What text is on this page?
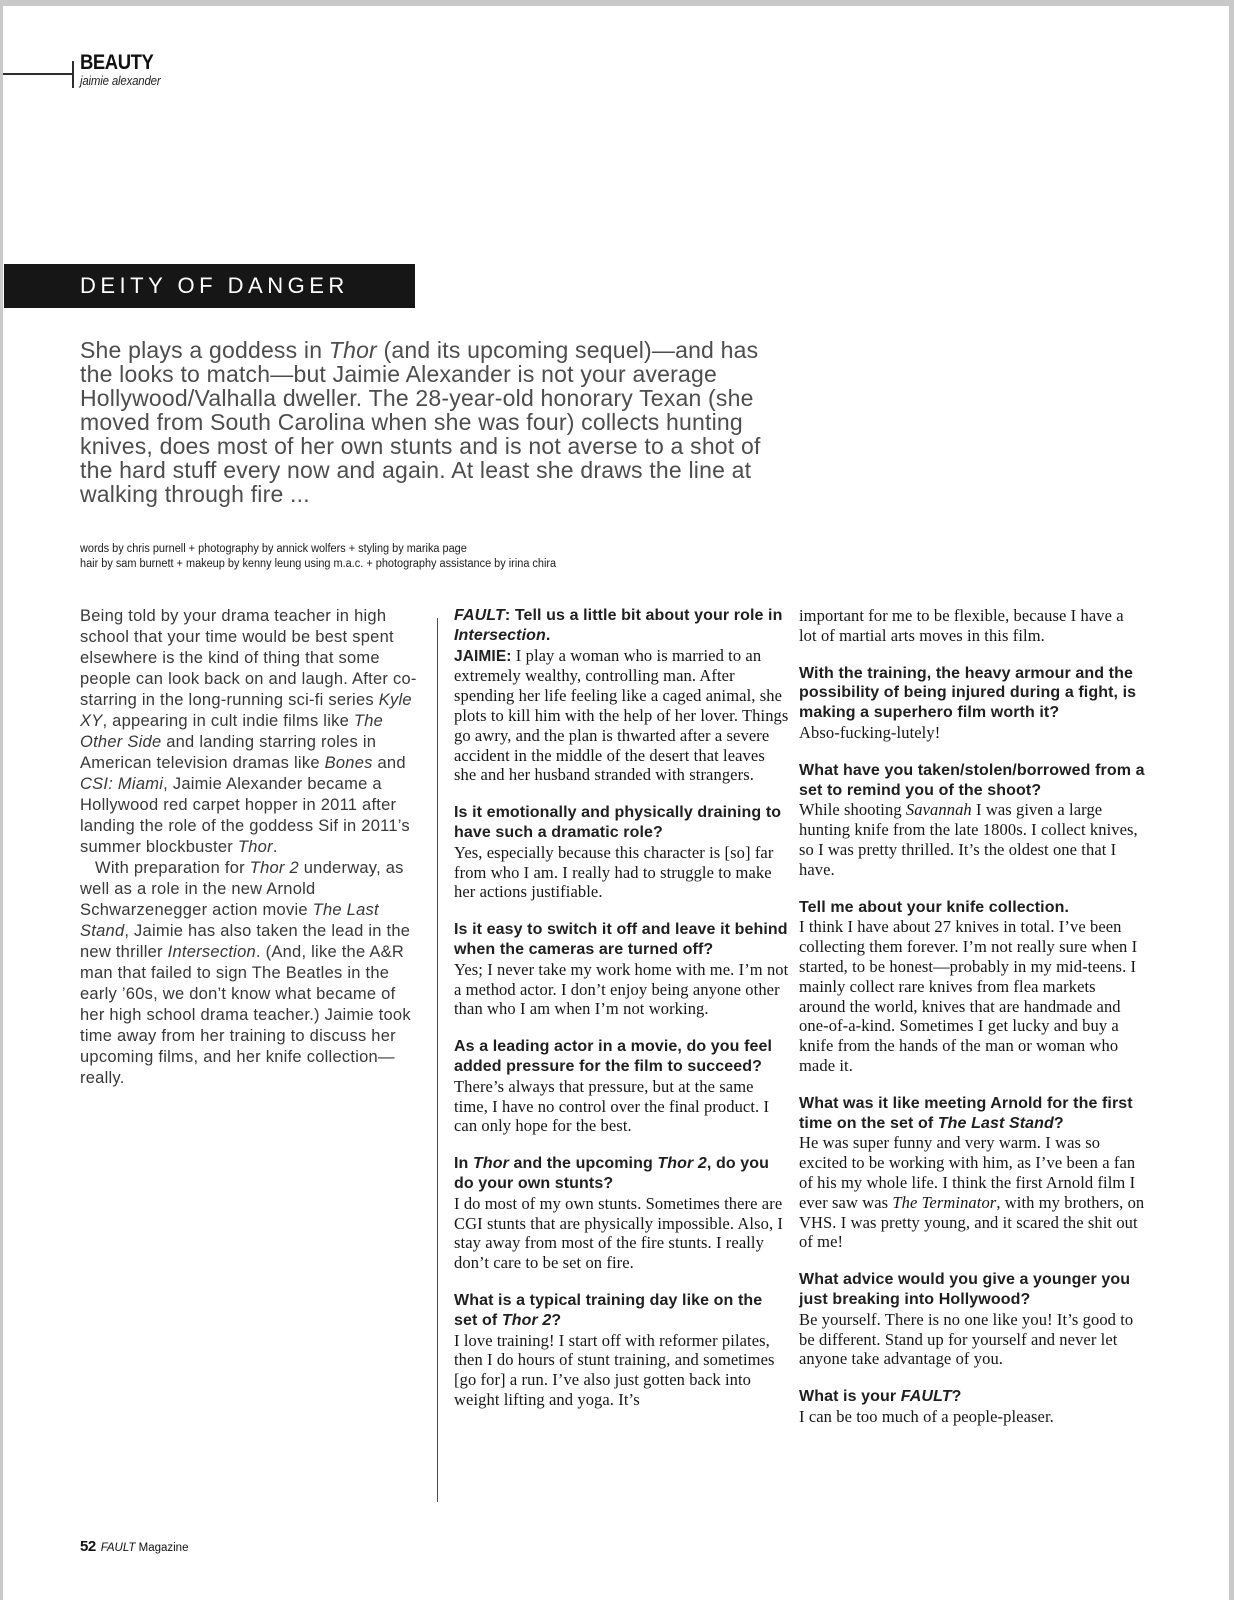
BEAUTY
jaimie alexander
DEITY OF DANGER
She plays a goddess in Thor (and its upcoming sequel)—and has the looks to match—but Jaimie Alexander is not your average Hollywood/Valhalla dweller. The 28-year-old honorary Texan (she moved from South Carolina when she was four) collects hunting knives, does most of her own stunts and is not averse to a shot of the hard stuff every now and again. At least she draws the line at walking through fire ...
words by chris purnell + photography by annick wolfers + styling by marika page
hair by sam burnett + makeup by kenny leung using m.a.c. + photography assistance by irina chira

Being told by your drama teacher in high school that your time would be best spent elsewhere is the kind of thing that some people can look back on and laugh. After co-starring in the long-running sci-fi series Kyle XY, appearing in cult indie films like The Other Side and landing starring roles in American television dramas like Bones and CSI: Miami, Jaimie Alexander became a Hollywood red carpet hopper in 2011 after landing the role of the goddess Sif in 2011’s summer blockbuster Thor.

With preparation for Thor 2 underway, as well as a role in the new Arnold Schwarzenegger action movie The Last Stand, Jaimie has also taken the lead in the new thriller Intersection. (And, like the A&R man that failed to sign The Beatles in the early ’60s, we don’t know what became of her high school drama teacher.) Jaimie took time away from her training to discuss her upcoming films, and her knife collection—really.

FAULT: Tell us a little bit about your role in Intersection.

JAIMIE: I play a woman who is married to an extremely wealthy, controlling man. After spending her life feeling like a caged animal, she plots to kill him with the help of her lover. Things go awry, and the plan is thwarted after a severe accident in the middle of the desert that leaves she and her husband stranded with strangers.

Is it emotionally and physically draining to have such a dramatic role?

Yes, especially because this character is [so] far from who I am. I really had to struggle to make her actions justifiable.

Is it easy to switch it off and leave it behind when the cameras are turned off?

Yes; I never take my work home with me. I’m not a method actor. I don’t enjoy being anyone other than who I am when I’m not working.

As a leading actor in a movie, do you feel added pressure for the film to succeed?

There’s always that pressure, but at the same time, I have no control over the final product. I can only hope for the best.

In Thor and the upcoming Thor 2, do you do your own stunts?

I do most of my own stunts. Sometimes there are CGI stunts that are physically impossible. Also, I stay away from most of the fire stunts. I really don’t care to be set on fire.

What is a typical training day like on the set of Thor 2?

I love training! I start off with reformer pilates, then I do hours of stunt training, and sometimes [go for] a run. I’ve also just gotten back into weight lifting and yoga. It’s

important for me to be flexible, because I have a lot of martial arts moves in this film.

With the training, the heavy armour and the possibility of being injured during a fight, is making a superhero film worth it?

Abso-fucking-lutely!

What have you taken/stolen/borrowed from a set to remind you of the shoot?

While shooting Savannah I was given a large hunting knife from the late 1800s. I collect knives, so I was pretty thrilled. It’s the oldest one that I have.

Tell me about your knife collection.

I think I have about 27 knives in total. I’ve been collecting them forever. I’m not really sure when I started, to be honest—probably in my mid-teens. I mainly collect rare knives from flea markets around the world, knives that are handmade and one-of-a-kind. Sometimes I get lucky and buy a knife from the hands of the man or woman who made it.

What was it like meeting Arnold for the first time on the set of The Last Stand?

He was super funny and very warm. I was so excited to be working with him, as I’ve been a fan of his my whole life. I think the first Arnold film I ever saw was The Terminator, with my brothers, on VHS. I was pretty young, and it scared the shit out of me!

What advice would you give a younger you just breaking into Hollywood?

Be yourself. There is no one like you! It’s good to be different. Stand up for yourself and never let anyone take advantage of you.

What is your FAULT?

I can be too much of a people-pleaser.

52 FAULT Magazine
